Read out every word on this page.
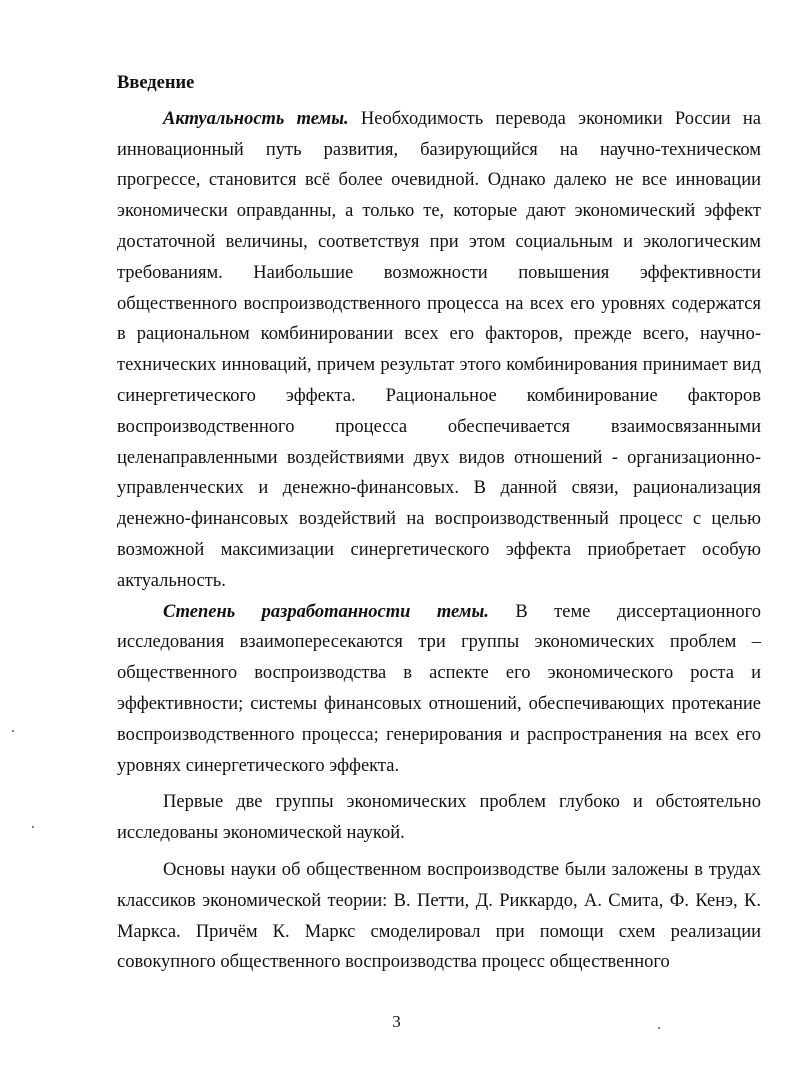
Введение

Актуальность темы. Необходимость перевода экономики России на инновационный путь развития, базирующийся на научно-техническом прогрессе, становится всё более очевидной. Однако далеко не все инновации экономически оправданны, а только те, которые дают экономический эффект достаточной величины, соответствуя при этом социальным и экологическим требованиям. Наибольшие возможности повышения эффективности общественного воспроизводственного процесса на всех его уровнях содержатся в рациональном комбинировании всех его факторов, прежде всего, научно-технических инноваций, причем результат этого комбинирования принимает вид синергетического эффекта. Рациональное комбинирование факторов воспроизводственного процесса обеспечивается взаимосвязанными целенаправленными воздействиями двух видов отношений - организационно-управленческих и денежно-финансовых. В данной связи, рационализация денежно-финансовых воздействий на воспроизводственный процесс с целью возможной максимизации синергетического эффекта приобретает особую актуальность.

Степень разработанности темы. В теме диссертационного исследования взаимопересекаются три группы экономических проблем – общественного воспроизводства в аспекте его экономического роста и эффективности; системы финансовых отношений, обеспечивающих протекание воспроизводственного процесса; генерирования и распространения на всех его уровнях синергетического эффекта.

Первые две группы экономических проблем глубоко и обстоятельно исследованы экономической наукой.

Основы науки об общественном воспроизводстве были заложены в трудах классиков экономической теории: В. Петти, Д. Риккардо, А. Смита, Ф. Кенэ, К. Маркса. Причём К. Маркс смоделировал при помощи схем реализации совокупного общественного воспроизводства процесс общественного

3
